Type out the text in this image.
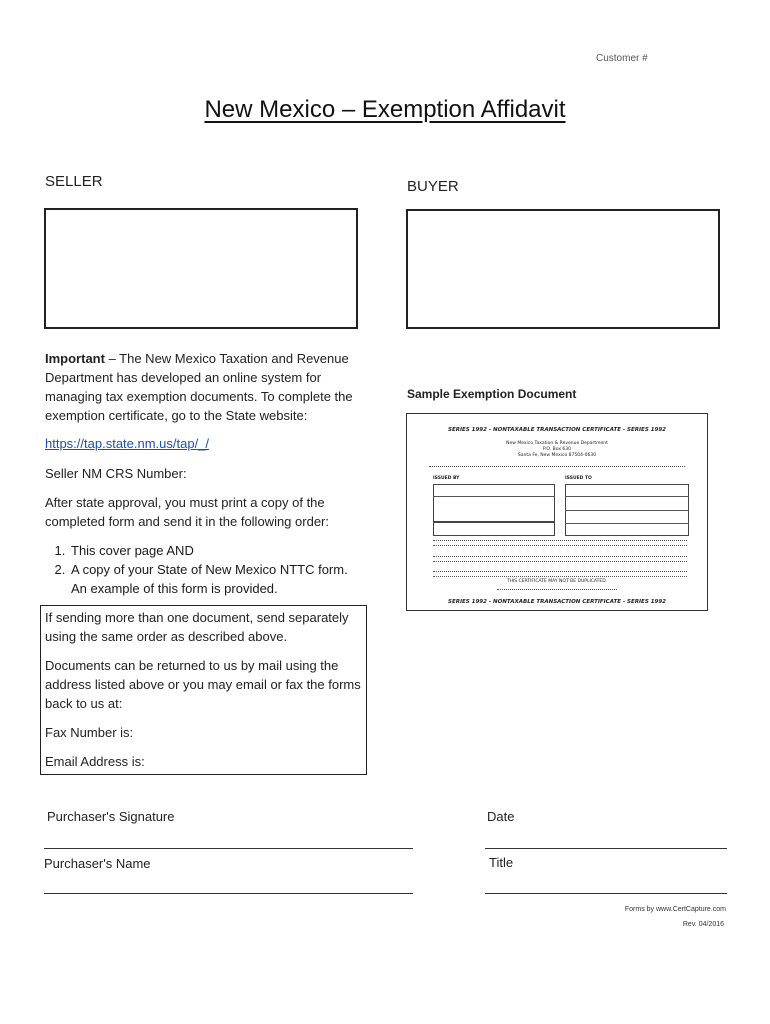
Customer #
New Mexico – Exemption Affidavit
SELLER	BUYER
Important – The New Mexico Taxation and Revenue Department has developed an online system for managing tax exemption documents. To complete the exemption certificate, go to the State website:
https://tap.state.nm.us/tap/_/
Seller NM CRS Number:
After state approval, you must print a copy of the completed form and send it in the following order:
1. This cover page AND
2. A copy of your State of New Mexico NTTC form. An example of this form is provided.

If sending more than one document, send separately using the same order as described above.

Documents can be returned to us by mail using the address listed above or you may email or fax the forms back to us at:

Fax Number is:

Email Address is:

Sample Exemption Document
SERIES 1992 - NONTAXABLE TRANSACTION CERTIFICATE - SERIES 1992
New Mexico Taxation & Revenue Department
P.O. Box 630
Santa Fe, New Mexico 87504-0630
ISSUED BY	ISSUED TO
THIS CERTIFICATE MAY NOT BE DUPLICATED.
SERIES 1992 - NONTAXABLE TRANSACTION CERTIFICATE - SERIES 1992
Purchaser's Signature	Date
Purchaser's Name	Title
Forms by www.CertCapture.com
Rev. 04/2016
